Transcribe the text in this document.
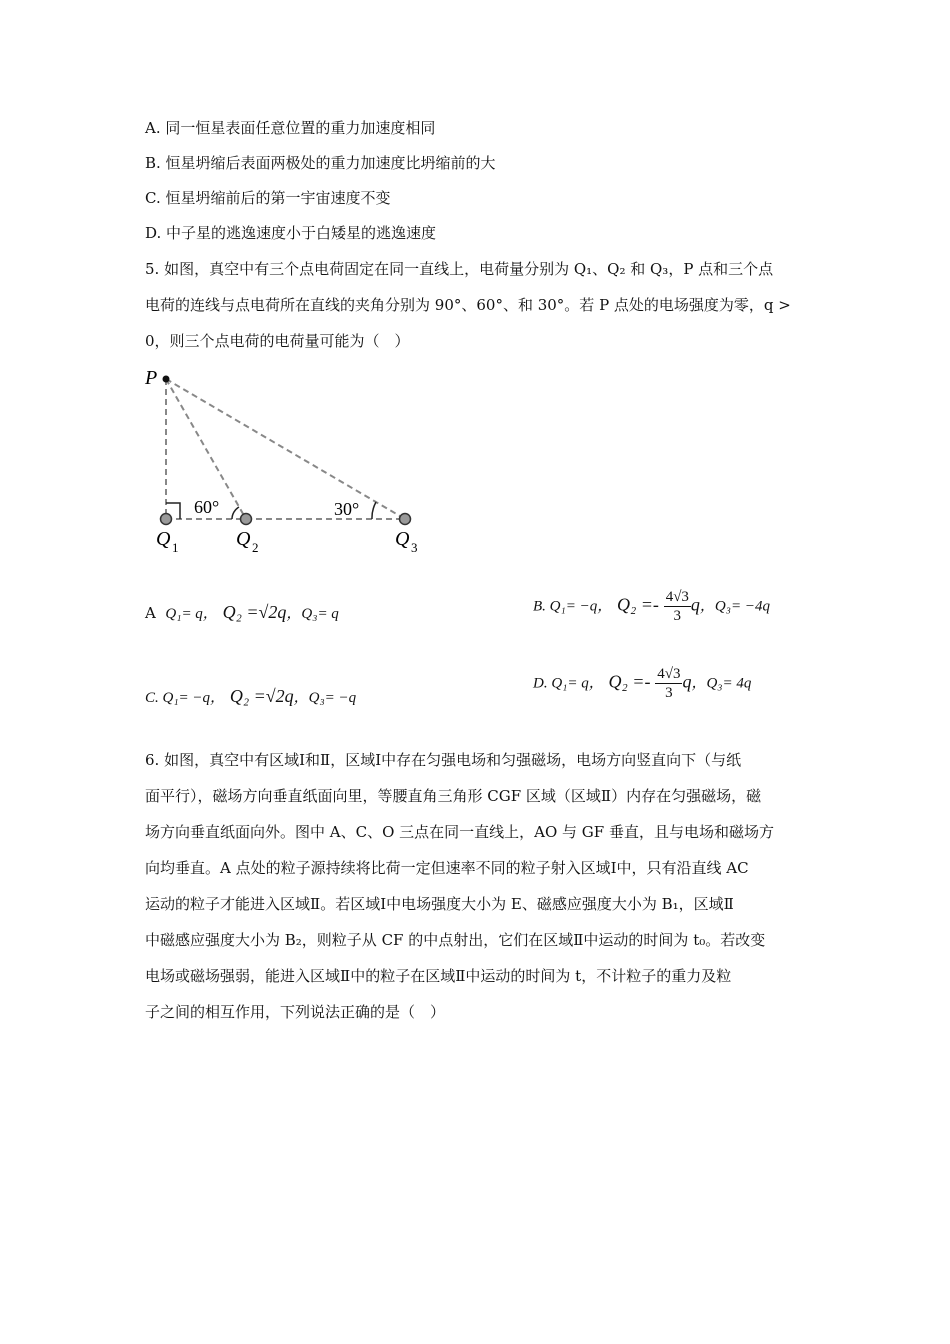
A. 同一恒星表面任意位置的重力加速度相同
B. 恒星坍缩后表面两极处的重力加速度比坍缩前的大
C. 恒星坍缩前后的第一宇宙速度不变
D. 中子星的逃逸速度小于白矮星的逃逸速度
5. 如图，真空中有三个点电荷固定在同一直线上，电荷量分别为 Q₁、Q₂ 和 Q₃，P 点和三个点
电荷的连线与点电荷所在直线的夹角分别为 90°、60°、和 30°。若 P 点处的电场强度为零，q >
0，则三个点电荷的电荷量可能为（　）
P
60°	30°
Q 1	Q 2	Q 3
A Q₁= q， Q₂ =√2q，Q₃= q	B. Q₁= −q， $Q_2 =- \frac{4√3}{3}$ q，Q₃= −4q
C. Q₁= −q， Q₂ =√2q，Q₃= −q
D. Q₁= q， $Q_2 =- \frac{4√3}{3}$ q，Q₃= 4q
6. 如图，真空中有区域Ⅰ和Ⅱ，区域Ⅰ中存在匀强电场和匀强磁场，电场方向竖直向下（与纸
面平行），磁场方向垂直纸面向里，等腰直角三角形 CGF 区域（区域Ⅱ）内存在匀强磁场，磁
场方向垂直纸面向外。图中 A、C、O 三点在同一直线上，AO 与 GF 垂直，且与电场和磁场方
向均垂直。A 点处的粒子源持续将比荷一定但速率不同的粒子射入区域Ⅰ中，只有沿直线 AC
运动的粒子才能进入区域Ⅱ。若区域Ⅰ中电场强度大小为 E、磁感应强度大小为 B₁，区域Ⅱ
中磁感应强度大小为 B₂，则粒子从 CF 的中点射出，它们在区域Ⅱ中运动的时间为 t₀。若改变
电场或磁场强弱，能进入区域Ⅱ中的粒子在区域Ⅱ中运动的时间为 t，不计粒子的重力及粒
子之间的相互作用，下列说法正确的是（　）
